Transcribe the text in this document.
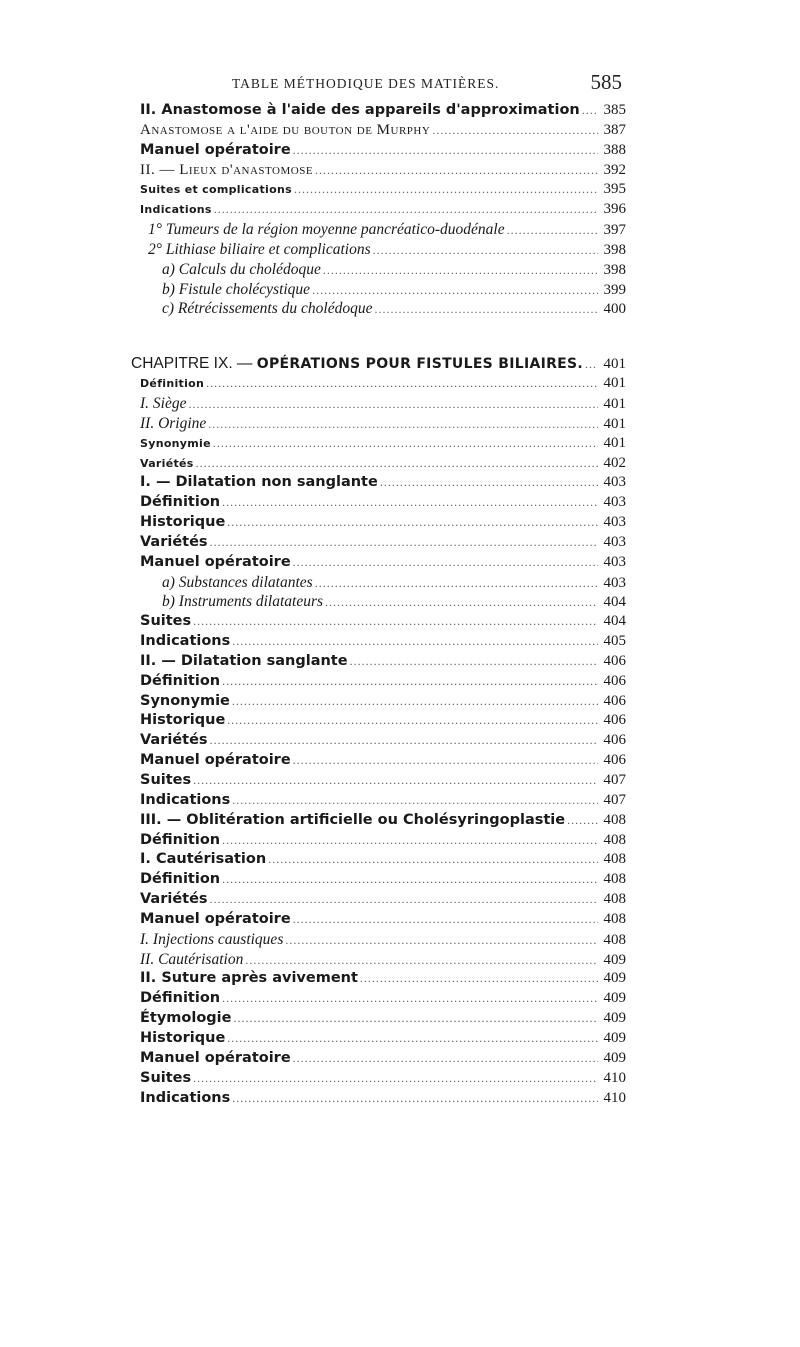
TABLE MÉTHODIQUE DES MATIÈRES.	585
II. Anastomose à l'aide des appareils d'approximation ..... 385
Anastomose a l'aide du bouton de Murphy .....	387
Manuel opératoire .....	388
II. — Lieux d'anastomose .....	392
Suites et complications .....	395
Indications .....	396
1° Tumeurs de la région moyenne pancréatico-duodénale .....	397
2° Lithiase biliaire et complications .....	398
a) Calculs du cholédoque .....	398
b) Fistule cholécystique .....	399
c) Rétrécissements du cholédoque .....	400
CHAPITRE IX. — OPÉRATIONS POUR FISTULES BILIAIRES. ..... 401
Définition .....	401
I. Siège .....	401
II. Origine .....	401
Synonymie .....	401
Variétés .....	402
I. — Dilatation non sanglante .....	403
Définition .....	403
Historique .....	403
Variétés .....	403
Manuel opératoire .....	403
a) Substances dilatantes .....	403
b) Instruments dilatateurs .....	404
Suites .....	404
Indications .....	405
II. — Dilatation sanglante .....	406
Définition .....	406
Synonymie .....	406
Historique .....	406
Variétés .....	406
Manuel opératoire .....	406
Suites .....	407
Indications .....	407
III. — Oblitération artificielle ou Cholésyringoplastie .....	408
Définition .....	408
I. Cautérisation .....	408
Définition .....	408
Variétés .....	408
Manuel opératoire .....	408
I. Injections caustiques .....	408
II. Cautérisation .....	409
II. Suture après avivement .....	409
Définition .....	409
Étymologie .....	409
Historique .....	409
Manuel opératoire .....	409
Suites .....	410
Indications .....	410
